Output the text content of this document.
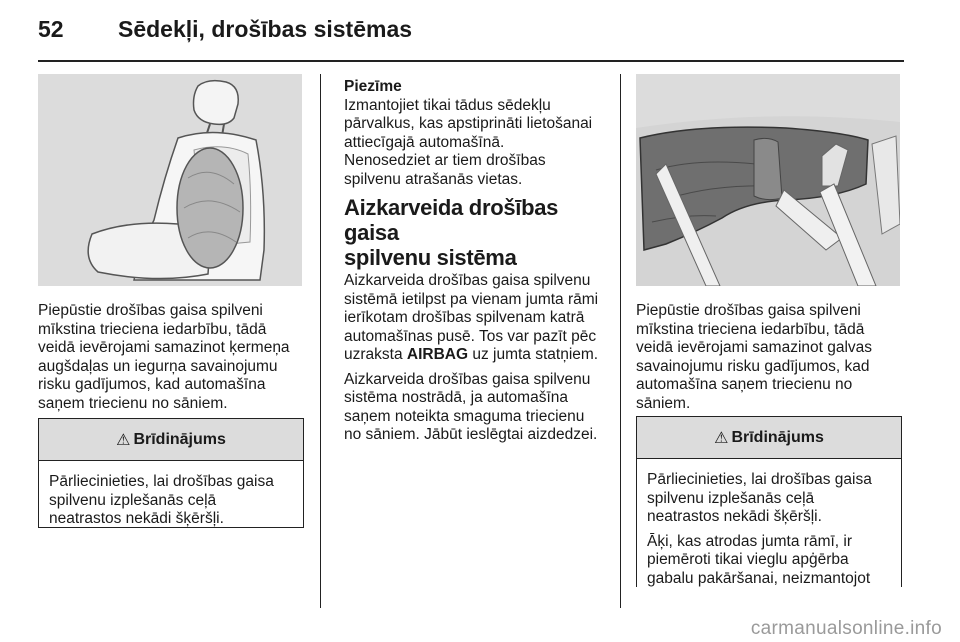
52 Sēdekļi, drošības sistēmas
Piepūstie drošības gaisa spilveni
mīkstina trieciena iedarbību, tādā
veidā ievērojami samazinot ķermeņa
augšdaļas un iegurņa savainojumu
risku gadījumos, kad automašīna
saņem triecienu no sāniem.
⚠ Brīdinājums
Pārliecinieties, lai drošības gaisa
spilvenu izplešanās ceļā
neatrastos nekādi šķēršļi.
Piezīme
Izmantojiet tikai tādus sēdekļu
pārvalkus, kas apstiprināti lietošanai
attiecīgajā automašīnā.
Nenosedziet ar tiem drošības
spilvenu atrašanās vietas.
Aizkarveida drošības gaisa
spilvenu sistēma

Aizkarveida drošības gaisa spilvenu
sistēmā ietilpst pa vienam jumta rāmi
ierīkotam drošības spilvenam katrā
automašīnas pusē. Tos var pazīt pēc
uzraksta AIRBAG uz jumta statņiem.

Aizkarveida drošības gaisa spilvenu
sistēma nostrādā, ja automašīna
saņem noteikta smaguma triecienu
no sāniem. Jābūt ieslēgtai aizdedzei.

Piepūstie drošības gaisa spilveni
mīkstina trieciena iedarbību, tādā
veidā ievērojami samazinot galvas
savainojumu risku gadījumos, kad
automašīna saņem triecienu no
sāniem.
⚠ Brīdinājums

Pārliecinieties, lai drošības gaisa
spilvenu izplešanās ceļā
neatrastos nekādi šķēršļi.

Āķi, kas atrodas jumta rāmī, ir
piemēroti tikai vieglu apģērba
gabalu pakāršanai, neizmantojot

carmanualsonline.info
